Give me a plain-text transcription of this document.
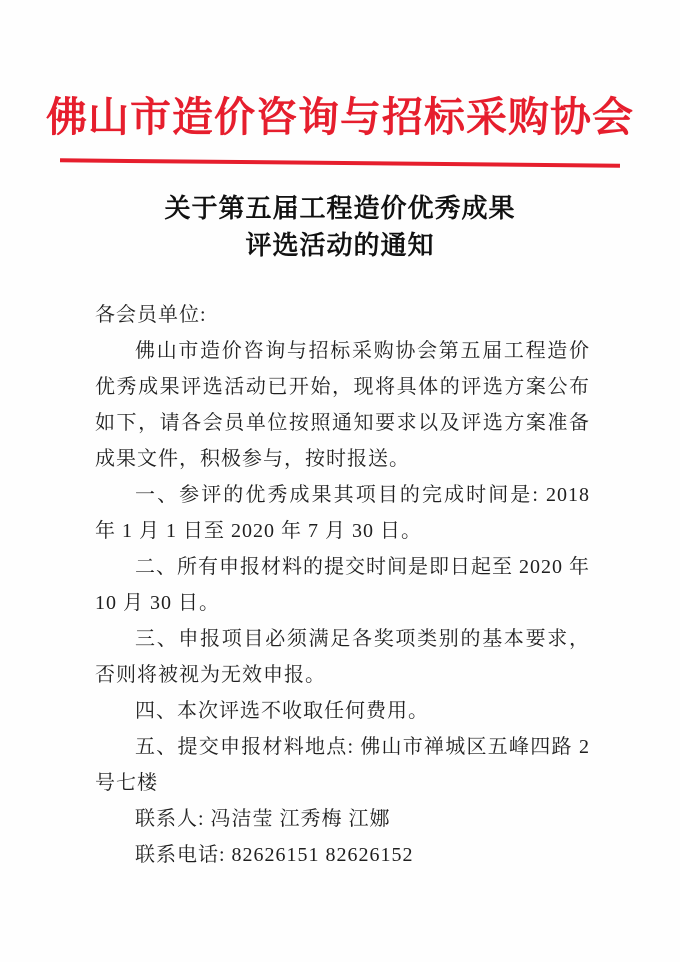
佛山市造价咨询与招标采购协会
关于第五届工程造价优秀成果
评选活动的通知

各会员单位:

佛山市造价咨询与招标采购协会第五届工程造价优秀成果评选活动已开始，现将具体的评选方案公布如下，请各会员单位按照通知要求以及评选方案准备成果文件，积极参与，按时报送。

一、参评的优秀成果其项目的完成时间是: 2018 年 1 月 1 日至 2020 年 7 月 30 日。

二、所有申报材料的提交时间是即日起至 2020 年 10 月 30 日。

三、申报项目必须满足各奖项类别的基本要求，否则将被视为无效申报。

四、本次评选不收取任何费用。

五、提交申报材料地点: 佛山市禅城区五峰四路 2 号七楼

联系人: 冯洁莹 江秀梅 江娜

联系电话: 82626151 82626152
